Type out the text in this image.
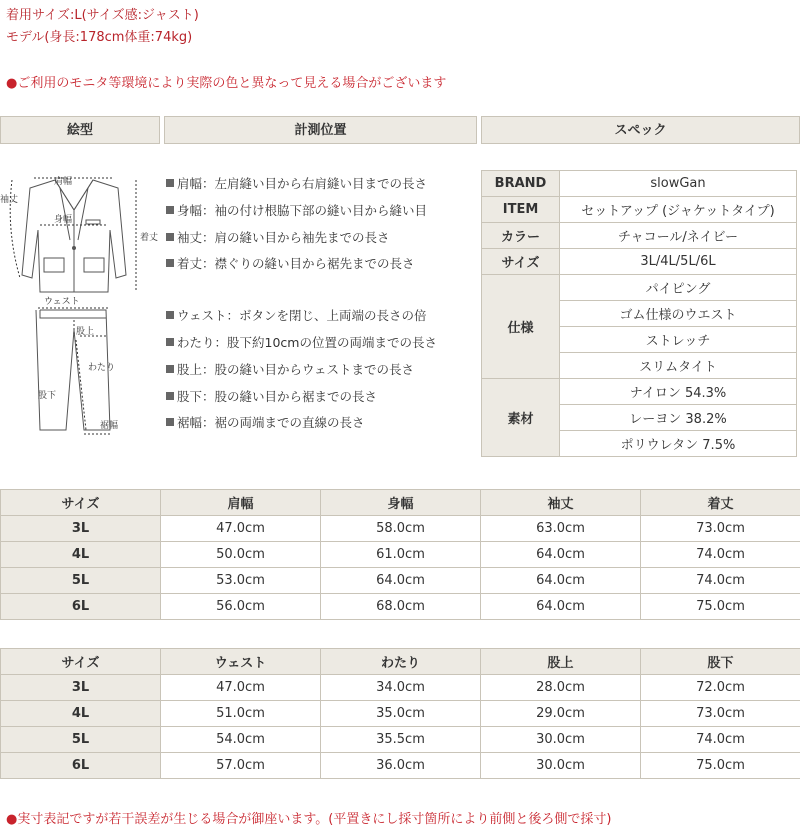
着用サイズ:L(サイズ感:ジャスト)
モデル(身長:178cm体重:74kg)
●ご利用のモニタ等環境により実際の色と異なって見える場合がございます
絵型	計測位置	スペック
肩幅
袖丈
身幅
着丈
ウェスト
股上
わたり
股下
裾幅
肩幅：左肩縫い目から右肩縫い目までの長さ
身幅：袖の付け根脇下部の縫い目から縫い目
袖丈：肩の縫い目から袖先までの長さ
着丈：襟ぐりの縫い目から裾先までの長さ
ウェスト：ボタンを閉じ、上両端の長さの倍
わたり：股下約10cmの位置の両端までの長さ
股上：股の縫い目からウェストまでの長さ
股下：股の縫い目から裾までの長さ
裾幅：裾の両端までの直線の長さ
BRAND	slowGan
ITEM	セットアップ (ジャケットタイプ)
カラー	チャコール/ネイビー
サイズ	3L/4L/5L/6L
仕様	パイピング
	ゴム仕様のウエスト
	ストレッチ
	スリムタイト
素材	ナイロン 54.3%
	レーヨン 38.2%
	ポリウレタン 7.5%
サイズ	肩幅	身幅	袖丈	着丈
3L	47.0cm	58.0cm	63.0cm	73.0cm
4L	50.0cm	61.0cm	64.0cm	74.0cm
5L	53.0cm	64.0cm	64.0cm	74.0cm
6L	56.0cm	68.0cm	64.0cm	75.0cm
サイズ	ウェスト	わたり	股上	股下
3L	47.0cm	34.0cm	28.0cm	72.0cm
4L	51.0cm	35.0cm	29.0cm	73.0cm
5L	54.0cm	35.5cm	30.0cm	74.0cm
6L	57.0cm	36.0cm	30.0cm	75.0cm
●実寸表記ですが若干誤差が生じる場合が御座います。(平置きにし採寸箇所により前側と後ろ側で採寸)
